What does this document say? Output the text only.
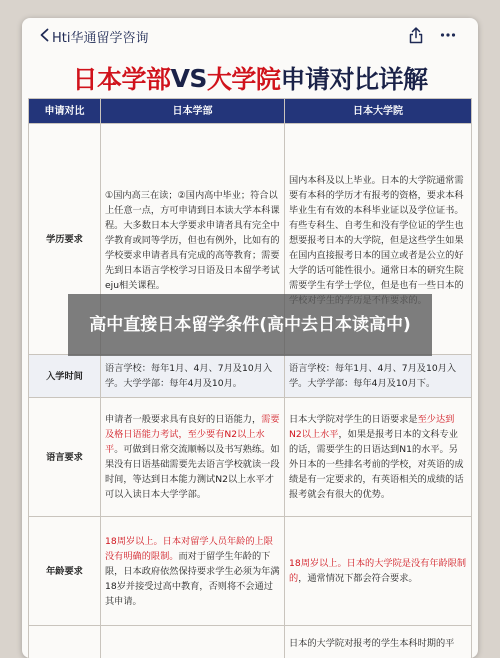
Hti华通留学咨询
日本学部 VS 大学院 申请对比详解
申请对比	日本学部	日本大学院
学历要求	①国内高三在读；②国内高中毕业；符合以上任意一点，方可申请到日本读大学本科课程。大多数日本大学要求申请者具有完全中学教育或同等学历，但也有例外，比如有的学校要求申请者具有完成的高等教育；需要先到日本语言学校学习日语及日本留学考试eju相关课程。	国内本科及以上毕业。日本的大学院通常需要有本科的学历才有报考的资格，要求本科毕业生有有效的本科毕业证以及学位证书。有些专科生、自考生和没有学位证的学生也想要报考日本的大学院，但是这些学生如果在国内直接报考日本的国立或者是公立的好大学的话可能性很小。通常日本的研究生院需要学生有学士学位，但是也有一些日本的
入学时间	语言学校：每年1月、4月、7月及10月入学。大学学部：每年4月及10月。	语言学校：每年1月、4月、7月及10月入学。大学学部：每年4月及10月下。
语言要求	申请者一般要求具有良好的日语能力，需要及格日语能力考试，至少要有N2以上水平。可做到日常交流顺畅以及书写熟练。如果没有日语基础需要先去语言学校就读一段时间，等达到日本能力测试N2以上水平才可以入读日本大学学部。	日本大学院对学生的日语要求是至少达到N2以上水平，如果是报考日本的文科专业的话，需要学生的日语达到N1的水平。另外日本的一些排名考前的学校，对英语的成绩是有一定要求的，有英语相关的成绩的话报考就会有很大的优势。
年龄要求	18周岁以上。日本对留学人员年龄的上限没有明确的限制。而对于留学生年龄的下限，日本政府依然保持要求学生必须为年满18岁并接受过高中教育，否则将不会通过其申请。	18周岁以上。日本的大学院是没有年龄限制的，通常情况下都会符合要求。
		日本的大学院对报考的学生本科时期的平
高中直接日本留学条件(高中去日本读高中)
